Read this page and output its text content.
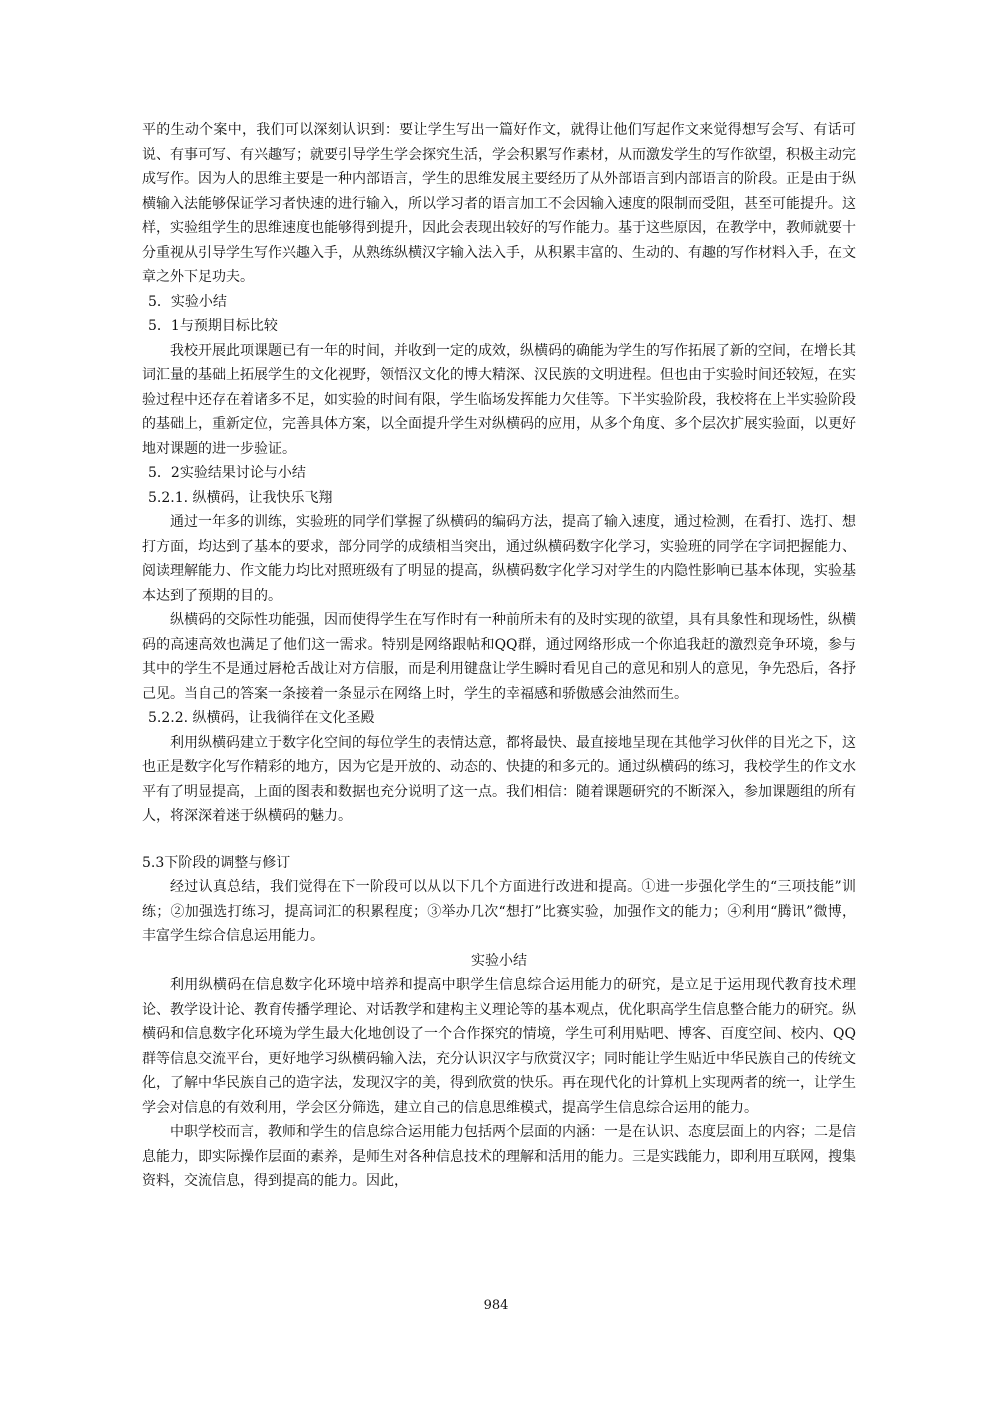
平的生动个案中，我们可以深刻认识到：要让学生写出一篇好作文，就得让他们写起作文来觉得想写会写、有话可说、有事可写、有兴趣写；就要引导学生学会探究生活，学会积累写作素材，从而激发学生的写作欲望，积极主动完成写作。因为人的思维主要是一种内部语言，学生的思维发展主要经历了从外部语言到内部语言的阶段。正是由于纵横输入法能够保证学习者快速的进行输入，所以学习者的语言加工不会因输入速度的限制而受阻，甚至可能提升。这样，实验组学生的思维速度也能够得到提升，因此会表现出较好的写作能力。基于这些原因，在教学中，教师就要十分重视从引导学生写作兴趣入手，从熟练纵横汉字输入法入手，从积累丰富的、生动的、有趣的写作材料入手，在文章之外下足功夫。

5．实验小结

5．1与预期目标比较

我校开展此项课题已有一年的时间，并收到一定的成效，纵横码的确能为学生的写作拓展了新的空间，在增长其词汇量的基础上拓展学生的文化视野，领悟汉文化的博大精深、汉民族的文明进程。但也由于实验时间还较短，在实验过程中还存在着诸多不足，如实验的时间有限，学生临场发挥能力欠佳等。下半实验阶段，我校将在上半实验阶段的基础上，重新定位，完善具体方案，以全面提升学生对纵横码的应用，从多个角度、多个层次扩展实验面，以更好地对课题的进一步验证。

5．2实验结果讨论与小结

5.2.1. 纵横码，让我快乐飞翔

通过一年多的训练，实验班的同学们掌握了纵横码的编码方法，提高了输入速度，通过检测，在看打、选打、想打方面，均达到了基本的要求，部分同学的成绩相当突出，通过纵横码数字化学习，实验班的同学在字词把握能力、阅读理解能力、作文能力均比对照班级有了明显的提高，纵横码数字化学习对学生的内隐性影响已基本体现，实验基本达到了预期的目的。

纵横码的交际性功能强，因而使得学生在写作时有一种前所未有的及时实现的欲望，具有具象性和现场性，纵横码的高速高效也满足了他们这一需求。特别是网络跟帖和QQ群，通过网络形成一个你追我赶的激烈竞争环境，参与其中的学生不是通过唇枪舌战让对方信服，而是利用键盘让学生瞬时看见自己的意见和别人的意见，争先恐后，各抒己见。当自己的答案一条接着一条显示在网络上时，学生的幸福感和骄傲感会油然而生。

5.2.2. 纵横码，让我徜徉在文化圣殿

利用纵横码建立于数字化空间的每位学生的表情达意，都将最快、最直接地呈现在其他学习伙伴的目光之下，这也正是数字化写作精彩的地方，因为它是开放的、动态的、快捷的和多元的。通过纵横码的练习，我校学生的作文水平有了明显提高，上面的图表和数据也充分说明了这一点。我们相信：随着课题研究的不断深入，参加课题组的所有人，将深深着迷于纵横码的魅力。

5.3下阶段的调整与修订

经过认真总结，我们觉得在下一阶段可以从以下几个方面进行改进和提高。①进一步强化学生的“三项技能”训练；②加强选打练习，提高词汇的积累程度；③举办几次“想打”比赛实验，加强作文的能力；④利用“腾讯”微博，丰富学生综合信息运用能力。

实验小结

利用纵横码在信息数字化环境中培养和提高中职学生信息综合运用能力的研究，是立足于运用现代教育技术理论、教学设计论、教育传播学理论、对话教学和建构主义理论等的基本观点，优化职高学生信息整合能力的研究。纵横码和信息数字化环境为学生最大化地创设了一个合作探究的情境，学生可利用贴吧、博客、百度空间、校内、QQ群等信息交流平台，更好地学习纵横码输入法，充分认识汉字与欣赏汉字；同时能让学生贴近中华民族自己的传统文化，了解中华民族自己的造字法，发现汉字的美，得到欣赏的快乐。再在现代化的计算机上实现两者的统一，让学生学会对信息的有效利用，学会区分筛选，建立自己的信息思维模式，提高学生信息综合运用的能力。

中职学校而言，教师和学生的信息综合运用能力包括两个层面的内涵：一是在认识、态度层面上的内容；二是信息能力，即实际操作层面的素养，是师生对各种信息技术的理解和活用的能力。三是实践能力，即利用互联网，搜集资料，交流信息，得到提高的能力。因此，

984
